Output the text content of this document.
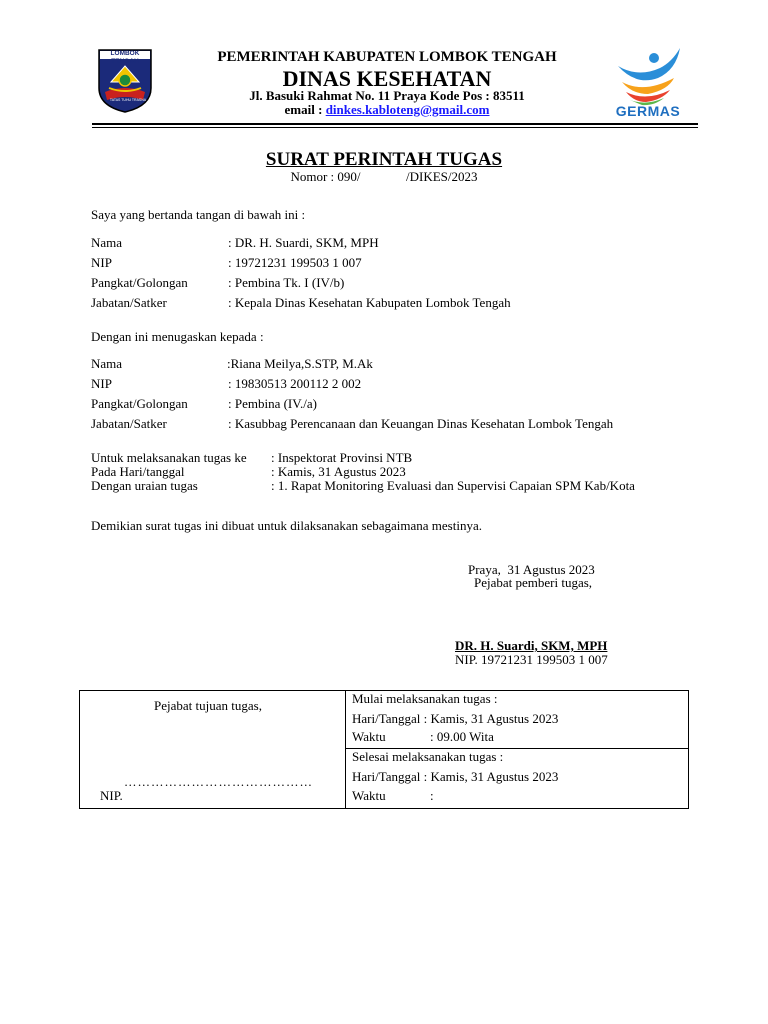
LOMBOK TENGAH
TATAS TUHU TRASNA
PEMERINTAH KABUPATEN LOMBOK TENGAH
DINAS KESEHATAN
Jl. Basuki Rahmat No. 11 Praya Kode Pos : 83511
email : dinkes.kabloteng@gmail.com	GERMAS
SURAT PERINTAH TUGAS
Nomor : 090/              /DIKES/2023
Saya yang bertanda tangan di bawah ini :
Nama	: DR. H. Suardi, SKM, MPH
NIP	: 19721231 199503 1 007
Pangkat/Golongan	: Pembina Tk. I (IV/b)
Jabatan/Satker	: Kepala Dinas Kesehatan Kabupaten Lombok Tengah
Dengan ini menugaskan kepada :
Nama	:Riana Meilya,S.STP, M.Ak
NIP	: 19830513 200112 2 002
Pangkat/Golongan	: Pembina (IV./a)
Jabatan/Satker	: Kasubbag Perencanaan dan Keuangan Dinas Kesehatan Lombok Tengah
Untuk melaksanakan tugas ke : Inspektorat Provinsi NTB
Pada Hari/tanggal	: Kamis, 31 Agustus 2023
Dengan uraian tugas	: 1. Rapat Monitoring Evaluasi dan Supervisi Capaian SPM Kab/Kota
Demikian surat tugas ini dibuat untuk dilaksanakan sebagaimana mestinya.
Praya,  31 Agustus 2023
Pejabat pemberi tugas,
DR. H. Suardi, SKM, MPH
NIP. 19721231 199503 1 007
Pejabat tujuan tugas,
……………………………………
NIP.

Mulai melaksanakan tugas :
Hari/Tanggal : Kamis, 31 Agustus 2023
Waktu	: 09.00 Wita

Selesai melaksanakan tugas :
Hari/Tanggal : Kamis, 31 Agustus 2023
Waktu	:
